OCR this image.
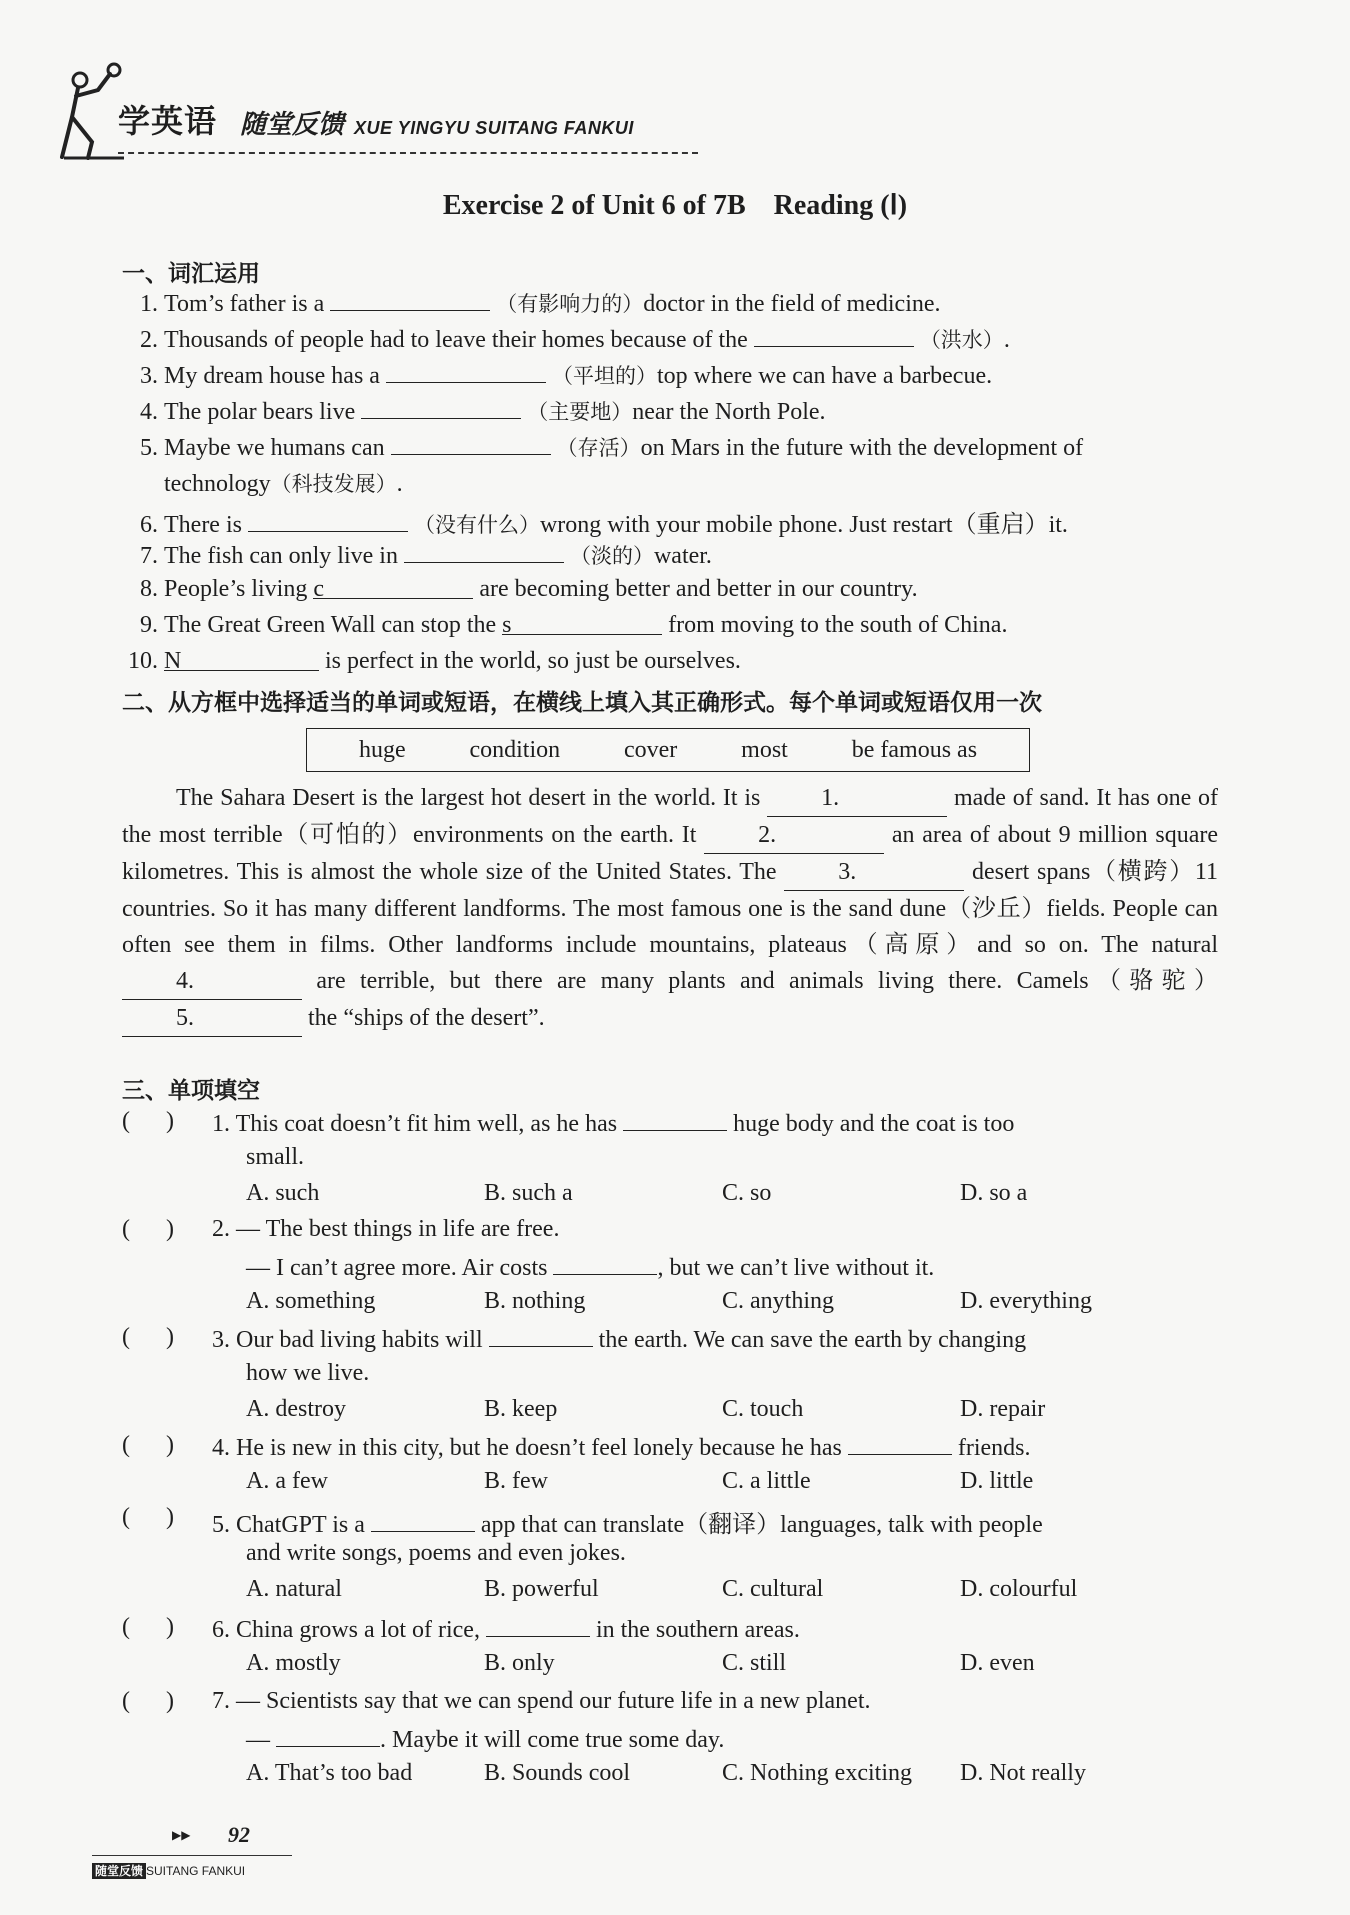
学英语 随堂反馈 XUE YINGYU SUITANG FANKUI
Exercise 2 of Unit 6 of 7B Reading (Ⅰ)
一、词汇运用
1. Tom’s father is a	（有影响力的）doctor in the field of medicine.
2. Thousands of people had to leave their homes because of the	（洪水）.
3. My dream house has a	（平坦的）top where we can have a barbecue.
4. The polar bears live	（主要地）near the North Pole.
5. Maybe we humans can	（存活）on Mars in the future with the development of
technology（科技发展）.
6. There is	（没有什么）wrong with your mobile phone. Just restart（重启）it.
7. The fish can only live in	（淡的）water.
8. People’s living c	are becoming better and better in our country.
9. The Great Green Wall can stop the s	from moving to the south of China.
10. N	is perfect in the world, so just be ourselves.
二、从方框中选择适当的单词或短语，在横线上填入其正确形式。每个单词或短语仅用一次
huge	condition	cover	most	be famous as
The Sahara Desert is the largest hot desert in the world. It is	1.	made of sand. It has one of the most terrible（可怕的）environments on the earth. It	2.	an area of about 9 million square kilometres. This is almost the whole size of the United States. The	3.	desert spans（横跨）11 countries. So it has many different landforms. The most famous one is the sand dune（沙丘）fields. People can often see them in films. Other landforms include mountains, plateaus（高原）and so on. The natural 4.	are terrible, but there are many plants and animals living there. Camels（骆驼） 5.	the “ships of the desert”.
三、单项填空
(      ) 1. This coat doesn’t fit him well, as he has	huge body and the coat is too
small.
A. such	B. such a	C. so	D. so a
(      ) 2. — The best things in life are free.
— I can’t agree more. Air costs	, but we can’t live without it.
A. something	B. nothing	C. anything	D. everything
(      ) 3. Our bad living habits will	the earth. We can save the earth by changing
how we live.
A. destroy	B. keep	C. touch	D. repair
(      ) 4. He is new in this city, but he doesn’t feel lonely because he has	friends.
A. a few	B. few	C. a little	D. little
(      ) 5. ChatGPT is a	app that can translate（翻译）languages, talk with people
and write songs, poems and even jokes.
A. natural	B. powerful	C. cultural	D. colourful
(      ) 6. China grows a lot of rice,	in the southern areas.
A. mostly	B. only	C. still	D. even
(      ) 7. — Scientists say that we can spend our future life in a new planet.
—	. Maybe it will come true some day.
A. That’s too bad	B. Sounds cool	C. Nothing exciting D. Not really
▶▶ 92
随堂反馈 SUITANG FANKUI
